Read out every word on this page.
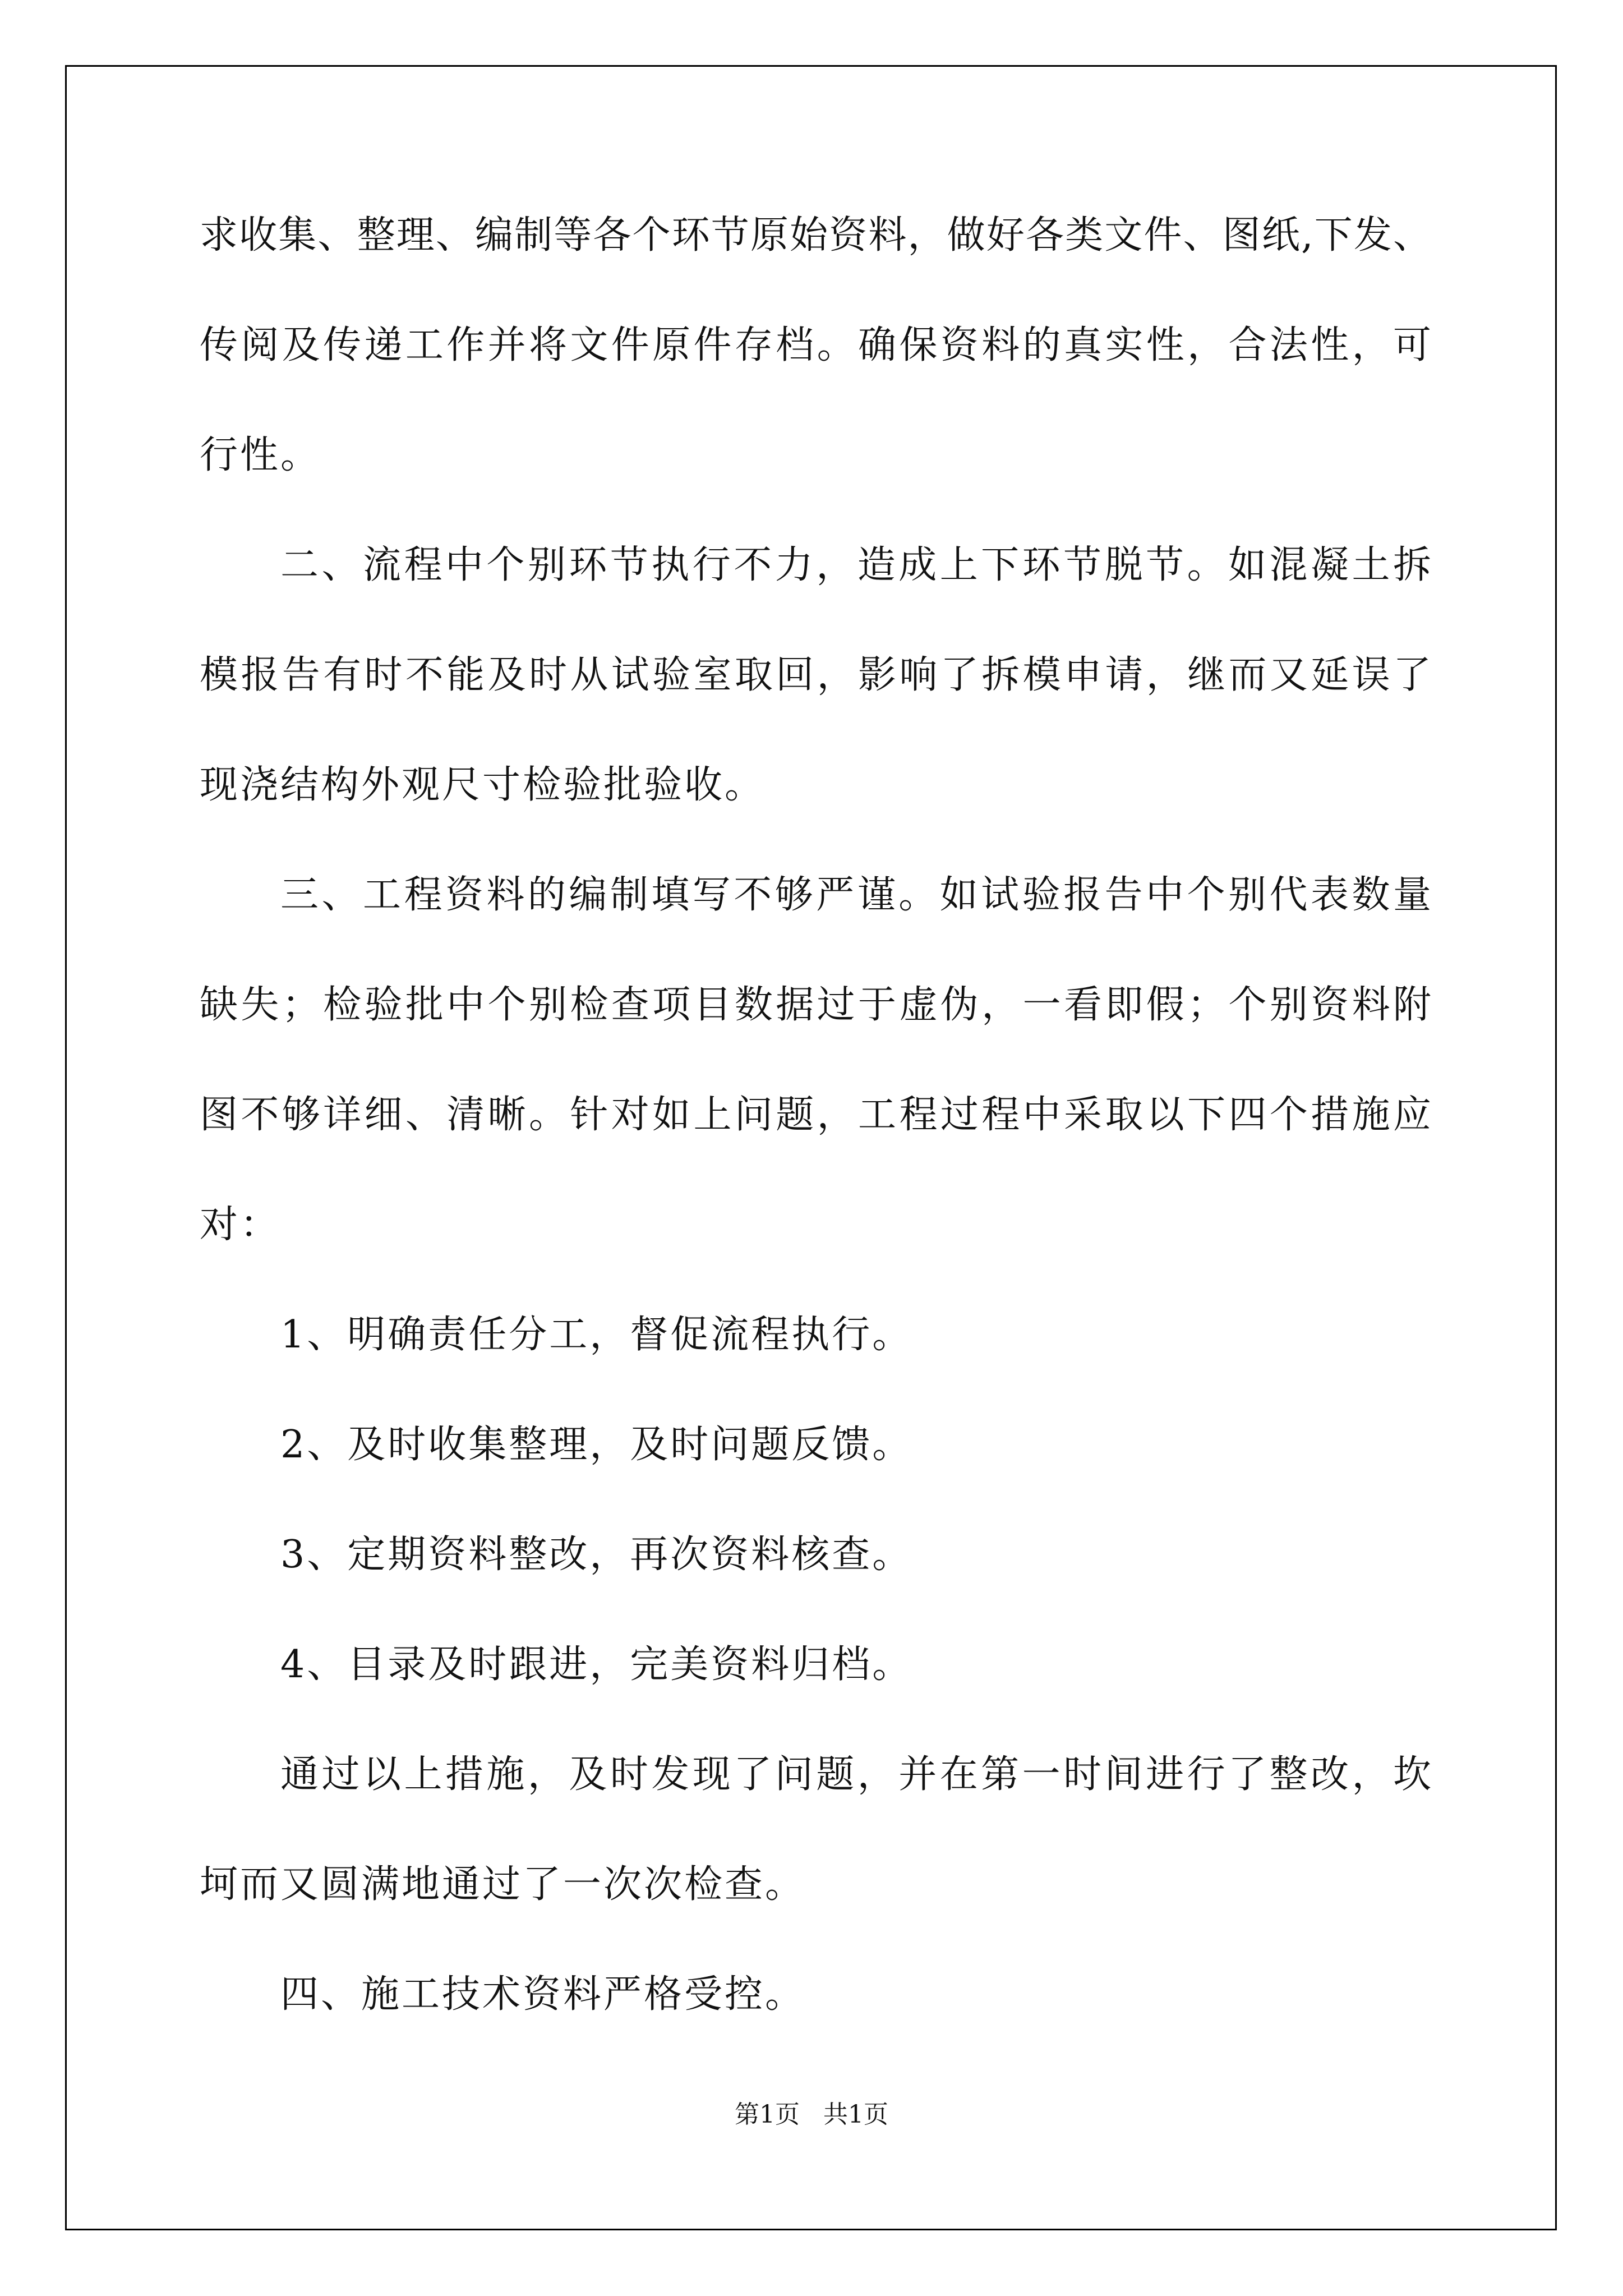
求收集、整理、编制等各个环节原始资料，做好各类文件、图纸,下发、
传阅及传递工作并将文件原件存档。确保资料的真实性，合法性，可
行性。
二、流程中个别环节执行不力，造成上下环节脱节。如混凝土拆
模报告有时不能及时从试验室取回，影响了拆模申请，继而又延误了
现浇结构外观尺寸检验批验收。
三、工程资料的编制填写不够严谨。如试验报告中个别代表数量
缺失；检验批中个别检查项目数据过于虚伪，一看即假；个别资料附
图不够详细、清晰。针对如上问题，工程过程中采取以下四个措施应
对：
1、明确责任分工，督促流程执行。
2、及时收集整理，及时问题反馈。
3、定期资料整改，再次资料核查。
4、目录及时跟进，完美资料归档。
通过以上措施，及时发现了问题，并在第一时间进行了整改，坎
坷而又圆满地通过了一次次检查。
四、施工技术资料严格受控。
第1页   共1页
